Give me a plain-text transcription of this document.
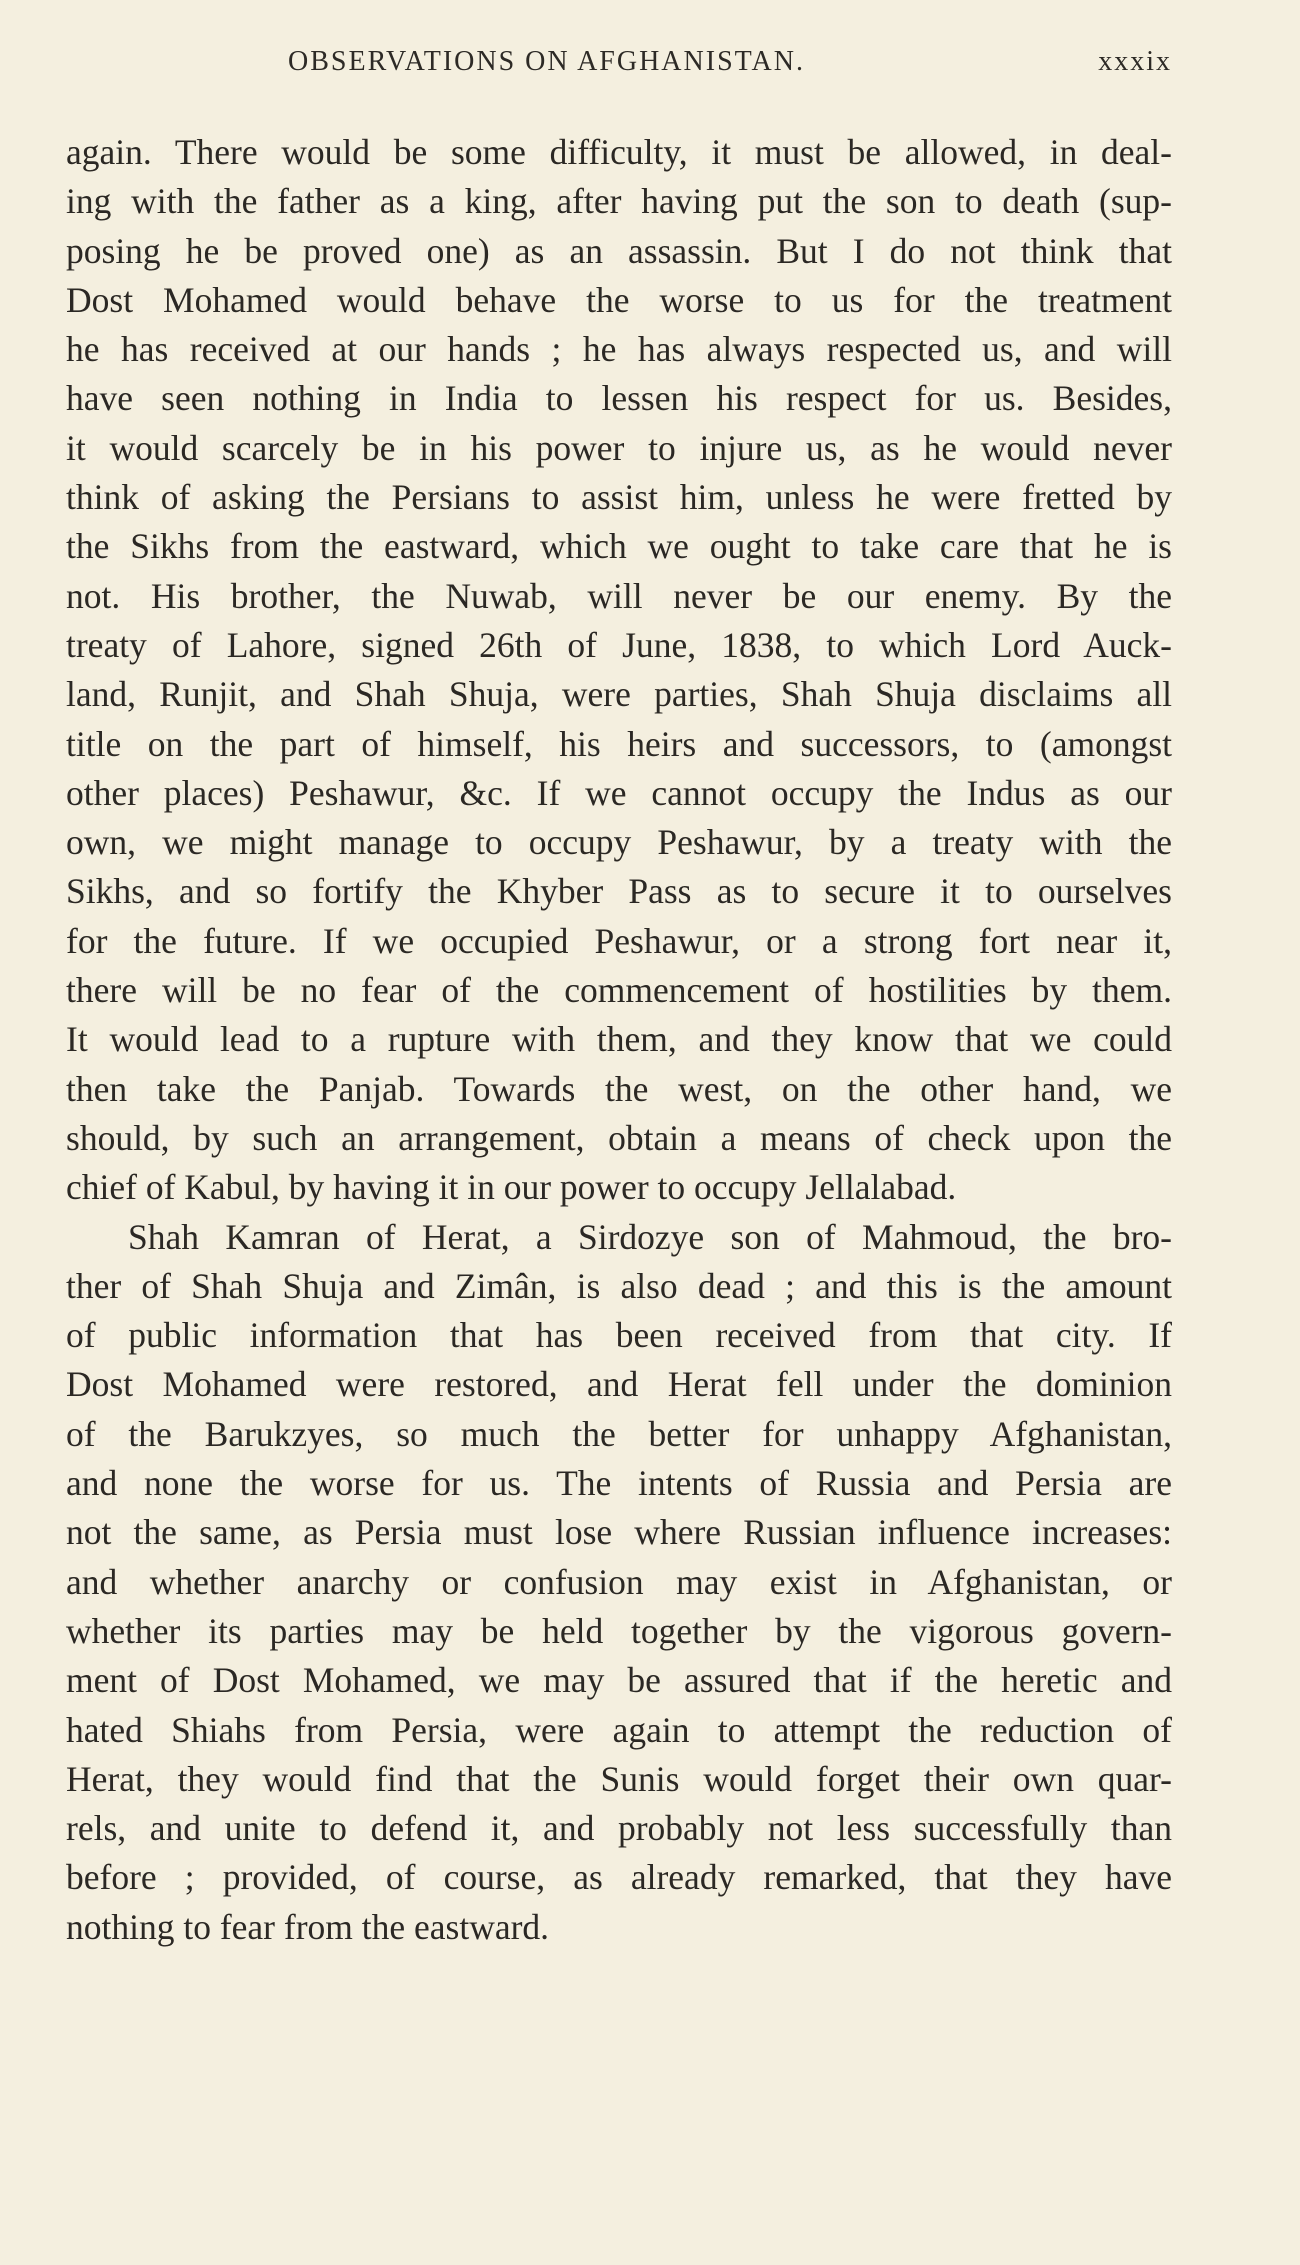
OBSERVATIONS ON AFGHANISTAN.	xxxix
again. There would be some difficulty, it must be allowed, in deal-
ing with the father as a king, after having put the son to death (sup-
posing he be proved one) as an assassin. But I do not think that
Dost Mohamed would behave the worse to us for the treatment
he has received at our hands ; he has always respected us, and will
have seen nothing in India to lessen his respect for us. Besides,
it would scarcely be in his power to injure us, as he would never
think of asking the Persians to assist him, unless he were fretted by
the Sikhs from the eastward, which we ought to take care that he is
not. His brother, the Nuwab, will never be our enemy. By the
treaty of Lahore, signed 26th of June, 1838, to which Lord Auck-
land, Runjit, and Shah Shuja, were parties, Shah Shuja disclaims all
title on the part of himself, his heirs and successors, to (amongst
other places) Peshawur, &c. If we cannot occupy the Indus as our
own, we might manage to occupy Peshawur, by a treaty with the
Sikhs, and so fortify the Khyber Pass as to secure it to ourselves
for the future. If we occupied Peshawur, or a strong fort near it,
there will be no fear of the commencement of hostilities by them.
It would lead to a rupture with them, and they know that we could
then take the Panjab. Towards the west, on the other hand, we
should, by such an arrangement, obtain a means of check upon the
chief of Kabul, by having it in our power to occupy Jellalabad.
Shah Kamran of Herat, a Sirdozye son of Mahmoud, the bro-
ther of Shah Shuja and Zimân, is also dead ; and this is the amount
of public information that has been received from that city. If
Dost Mohamed were restored, and Herat fell under the dominion
of the Barukzyes, so much the better for unhappy Afghanistan,
and none the worse for us. The intents of Russia and Persia are
not the same, as Persia must lose where Russian influence increases:
and whether anarchy or confusion may exist in Afghanistan, or
whether its parties may be held together by the vigorous govern-
ment of Dost Mohamed, we may be assured that if the heretic and
hated Shiahs from Persia, were again to attempt the reduction of
Herat, they would find that the Sunis would forget their own quar-
rels, and unite to defend it, and probably not less successfully than
before ; provided, of course, as already remarked, that they have
nothing to fear from the eastward.
